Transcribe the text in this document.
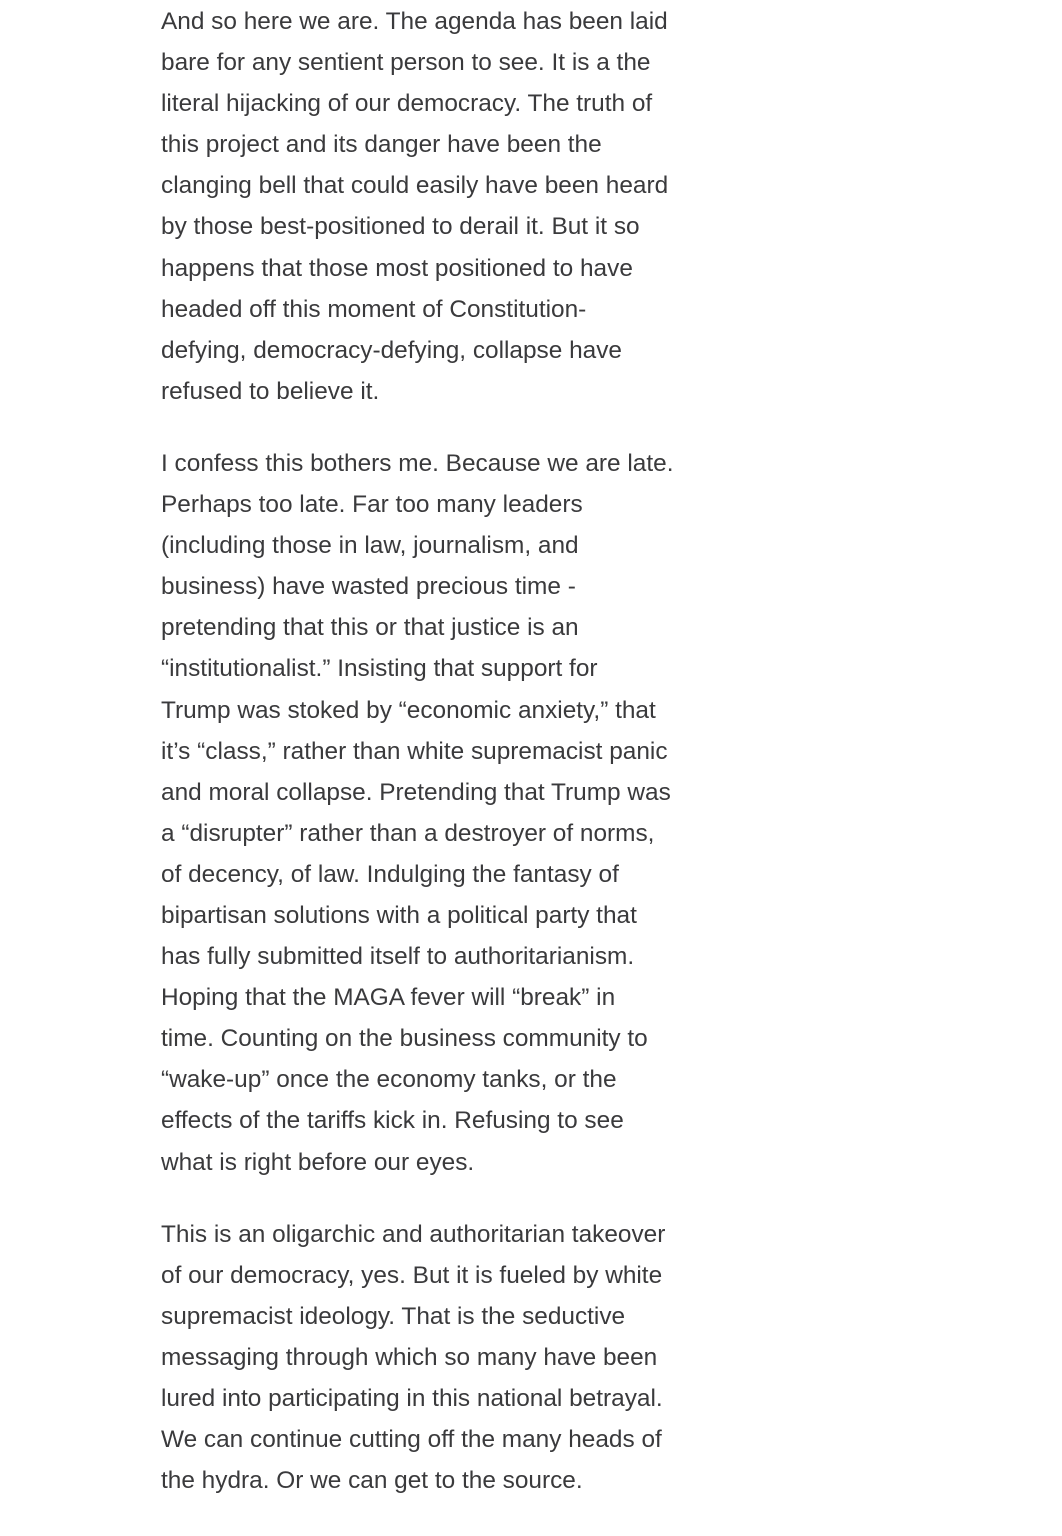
And so here we are. The agenda has been laid
bare for any sentient person to see. It is a the
literal hijacking of our democracy. The truth of
this project and its danger have been the
clanging bell that could easily have been heard
by those best-positioned to derail it. But it so
happens that those most positioned to have
headed off this moment of Constitution-
defying, democracy-defying, collapse have
refused to believe it.

I confess this bothers me. Because we are late.
Perhaps too late. Far too many leaders
(including those in law, journalism, and
business) have wasted precious time -
pretending that this or that justice is an
“institutionalist.” Insisting that support for
Trump was stoked by “economic anxiety,” that
it’s “class,” rather than white supremacist panic
and moral collapse. Pretending that Trump was
a “disrupter” rather than a destroyer of norms,
of decency, of law. Indulging the fantasy of
bipartisan solutions with a political party that
has fully submitted itself to authoritarianism.
Hoping that the MAGA fever will “break” in
time. Counting on the business community to
“wake-up” once the economy tanks, or the
effects of the tariffs kick in. Refusing to see
what is right before our eyes.

This is an oligarchic and authoritarian takeover
of our democracy, yes. But it is fueled by white
supremacist ideology. That is the seductive
messaging through which so many have been
lured into participating in this national betrayal.
We can continue cutting off the many heads of
the hydra. Or we can get to the source.
